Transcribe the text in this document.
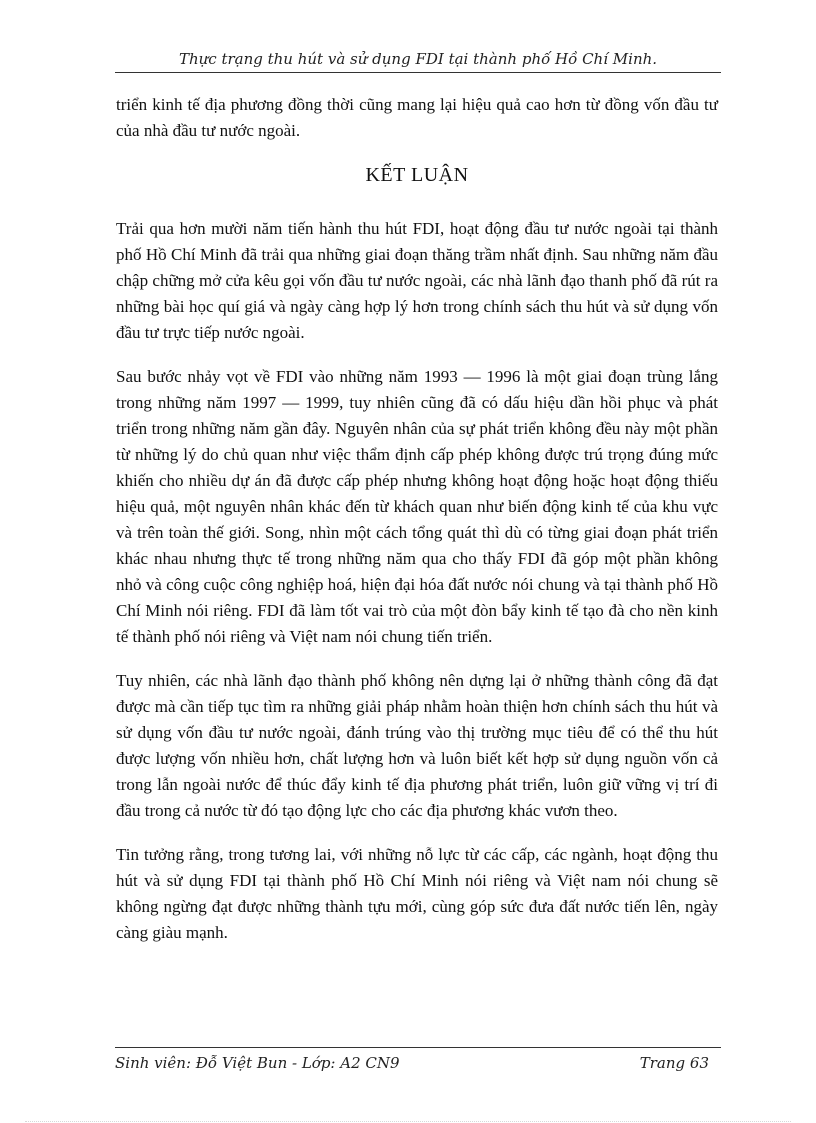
Thực trạng thu hút và sử dụng FDI tại thành phố Hồ Chí Minh.

triển kinh tế địa phương đồng thời cũng mang lại hiệu quả cao hơn từ đồng vốn đầu tư của nhà đầu tư nước ngoài.

KẾT LUẬN

Trải qua hơn mười năm tiến hành thu hút FDI, hoạt động đầu tư nước ngoài tại thành phố Hồ Chí Minh đã trải qua những giai đoạn thăng trầm nhất định. Sau những năm đầu chập chững mở cửa kêu gọi vốn đầu tư nước ngoài, các nhà lãnh đạo thanh phố đã rút ra những bài học quí giá và ngày càng hợp lý hơn trong chính sách thu hút và sử dụng vốn đầu tư trực tiếp nước ngoài.

Sau bước nhảy vọt về FDI vào những năm 1993 — 1996 là một giai đoạn trùng lắng trong những năm 1997 — 1999, tuy nhiên cũng đã có dấu hiệu dần hồi phục và phát triển trong những năm gần đây. Nguyên nhân của sự phát triển không đều này một phần từ những lý do chủ quan như việc thẩm định cấp phép không được trú trọng đúng mức khiến cho nhiều dự án đã được cấp phép nhưng không hoạt động hoặc hoạt động thiếu hiệu quả, một nguyên nhân khác đến từ khách quan như biến động kinh tế của khu vực và trên toàn thế giới. Song, nhìn một cách tổng quát thì dù có từng giai đoạn phát triển khác nhau nhưng thực tế trong những năm qua cho thấy FDI đã góp một phần không nhỏ và công cuộc công nghiệp hoá, hiện đại hóa đất nước nói chung và tại thành phố Hồ Chí Minh nói riêng. FDI đã làm tốt vai trò của một đòn bẩy kinh tế tạo đà cho nền kinh tế thành phố nói riêng và Việt nam nói chung tiến triển.

Tuy nhiên, các nhà lãnh đạo thành phố không nên dựng lại ở những thành công đã đạt được mà cần tiếp tục tìm ra những giải pháp nhằm hoàn thiện hơn chính sách thu hút và sử dụng vốn đầu tư nước ngoài, đánh trúng vào thị trường mục tiêu để có thể thu hút được lượng vốn nhiều hơn, chất lượng hơn và luôn biết kết hợp sử dụng nguồn vốn cả trong lẫn ngoài nước để thúc đẩy kinh tế địa phương phát triển, luôn giữ vững vị trí đi đầu trong cả nước từ đó tạo động lực cho các địa phương khác vươn theo.

Tin tưởng rằng, trong tương lai, với những nỗ lực từ các cấp, các ngành, hoạt động thu hút và sử dụng FDI tại thành phố Hồ Chí Minh nói riêng và Việt nam nói chung sẽ không ngừng đạt được những thành tựu mới, cùng góp sức đưa đất nước tiến lên, ngày càng giàu mạnh.

Sinh viên: Đỗ Việt Bun - Lớp: A2 CN9	Trang 63
